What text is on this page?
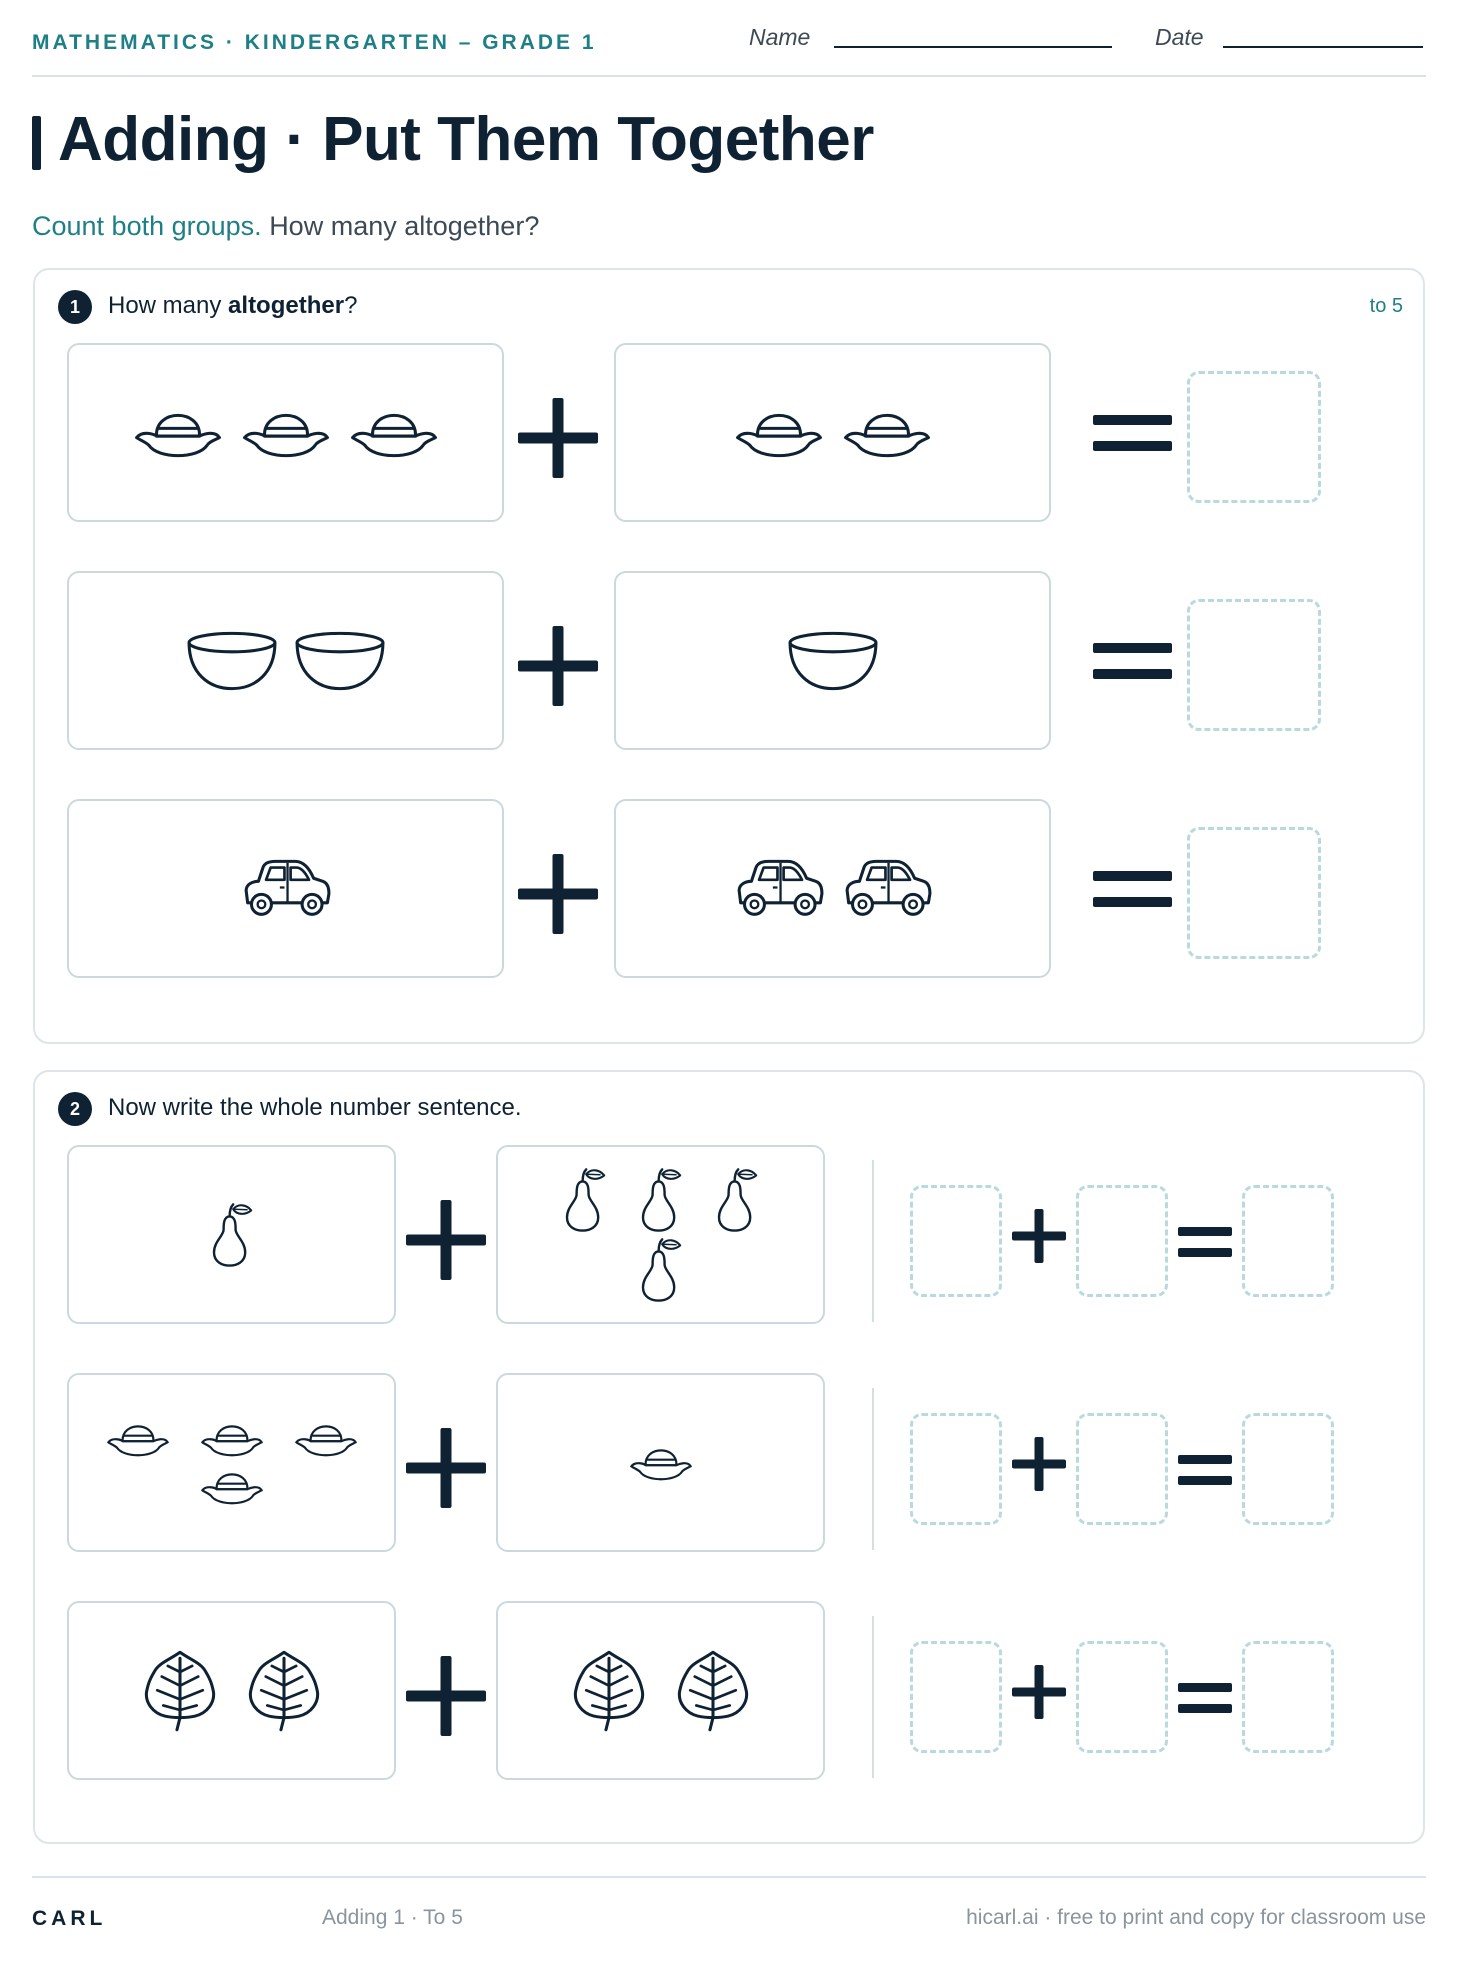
MATHEMATICS · KINDERGARTEN – GRADE 1	Name	Date
Adding · Put Them Together
Count both groups. How many altogether?
1	How many altogether?	to 5
2	Now write the whole number sentence.
CARL	Adding 1 · To 5	hicarl.ai · free to print and copy for classroom use
